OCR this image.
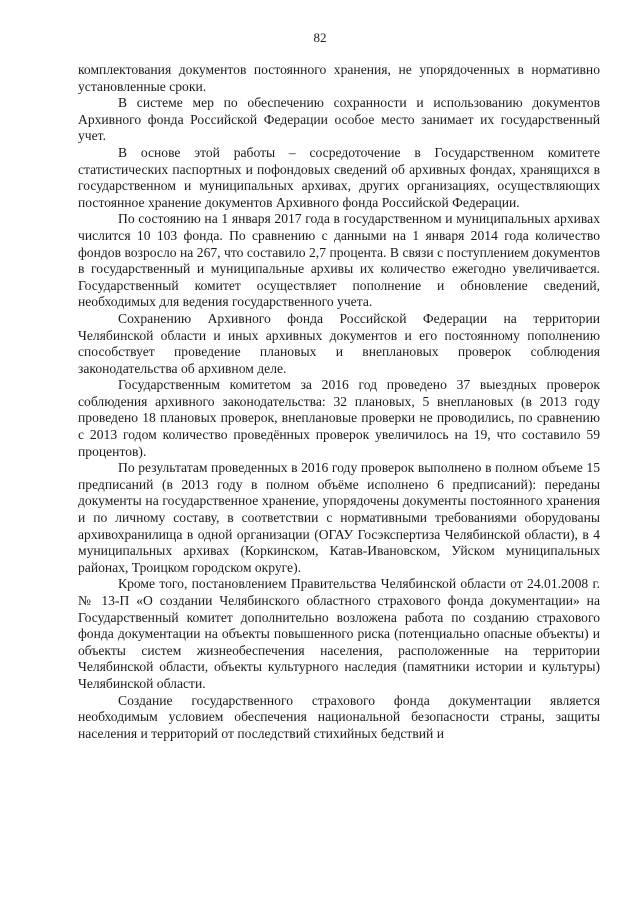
82

комплектования документов постоянного хранения, не упорядоченных в нормативно установленные сроки.

В системе мер по обеспечению сохранности и использованию документов Архивного фонда Российской Федерации особое место занимает их государственный учет.

В основе этой работы – сосредоточение в Государственном комитете статистических паспортных и пофондовых сведений об архивных фондах, хранящихся в государственном и муниципальных архивах, других организациях, осуществляющих постоянное хранение документов Архивного фонда Российской Федерации.

По состоянию на 1 января 2017 года в государственном и муниципальных архивах числится 10 103 фонда. По сравнению с данными на 1 января 2014 года количество фондов возросло на 267, что составило 2,7 процента. В связи с поступлением документов в государственный и муниципальные архивы их количество ежегодно увеличивается. Государственный комитет осуществляет пополнение и обновление сведений, необходимых для ведения государственного учета.

Сохранению Архивного фонда Российской Федерации на территории Челябинской области и иных архивных документов и его постоянному пополнению способствует проведение плановых и внеплановых проверок соблюдения законодательства об архивном деле.

Государственным комитетом за 2016 год проведено 37 выездных проверок соблюдения архивного законодательства: 32 плановых, 5 внеплановых (в 2013 году проведено 18 плановых проверок, внеплановые проверки не проводились, по сравнению с 2013 годом количество проведённых проверок увеличилось на 19, что составило 59 процентов).

По результатам проведенных в 2016 году проверок выполнено в полном объеме 15 предписаний (в 2013 году в полном объёме исполнено 6 предписаний): переданы документы на государственное хранение, упорядочены документы постоянного хранения и по личному составу, в соответствии с нормативными требованиями оборудованы архивохранилища в одной организации (ОГАУ Госэкспертиза Челябинской области), в 4 муниципальных архивах (Коркинском, Катав-Ивановском, Уйском муниципальных районах, Троицком городском округе).

Кроме того, постановлением Правительства Челябинской области от 24.01.2008 г. № 13-П «О создании Челябинского областного страхового фонда документации» на Государственный комитет дополнительно возложена работа по созданию страхового фонда документации на объекты повышенного риска (потенциально опасные объекты) и объекты систем жизнеобеспечения населения, расположенные на территории Челябинской области, объекты культурного наследия (памятники истории и культуры) Челябинской области.

Создание государственного страхового фонда документации является необходимым условием обеспечения национальной безопасности страны, защиты населения и территорий от последствий стихийных бедствий и
